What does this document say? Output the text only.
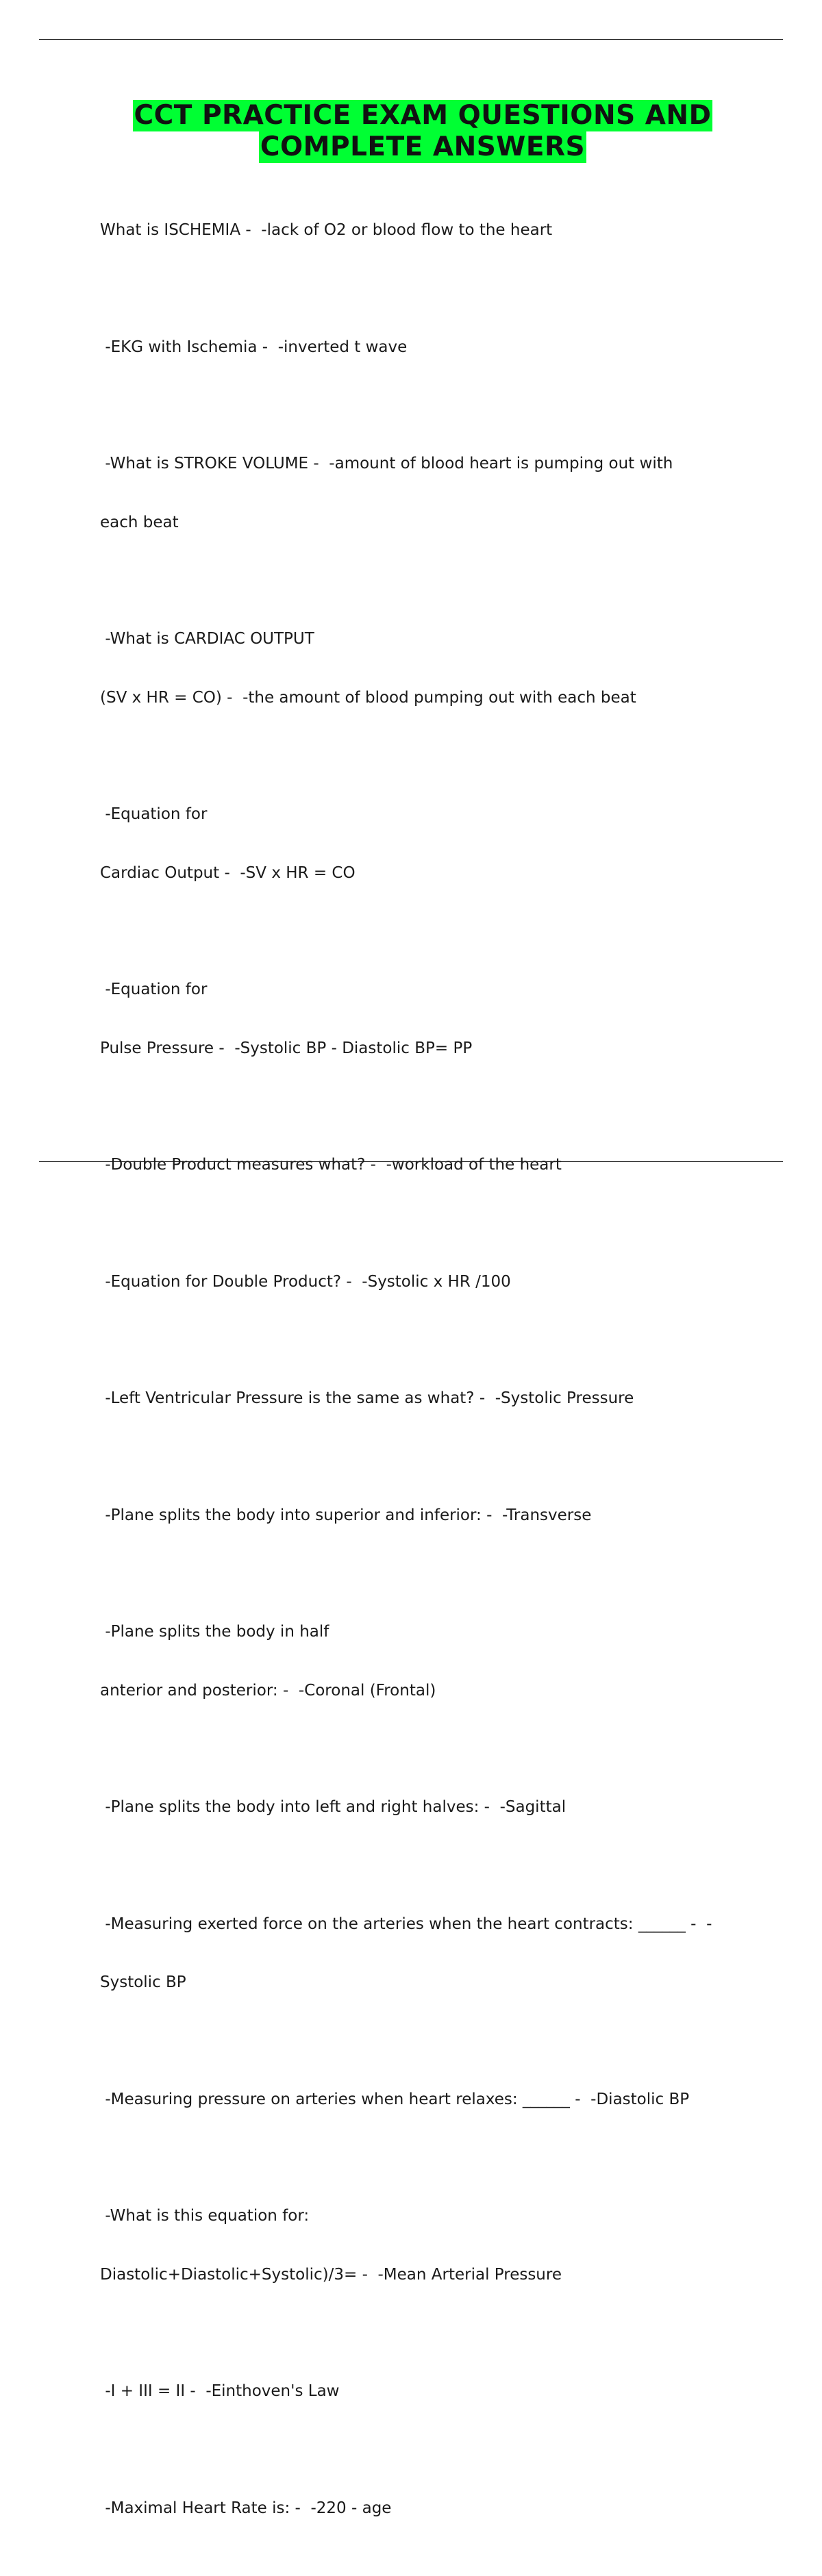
CCT PRACTICE EXAM QUESTIONS AND
COMPLETE ANSWERS

What is ISCHEMIA -  -lack of O2 or blood flow to the heart

-EKG with Ischemia -  -inverted t wave

-What is STROKE VOLUME -  -amount of blood heart is pumping out with

each beat

-What is CARDIAC OUTPUT

(SV x HR = CO) -  -the amount of blood pumping out with each beat

-Equation for

Cardiac Output -  -SV x HR = CO

-Equation for

Pulse Pressure -  -Systolic BP - Diastolic BP= PP

-Double Product measures what? -  -workload of the heart

-Equation for Double Product? -  -Systolic x HR /100

-Left Ventricular Pressure is the same as what? -  -Systolic Pressure

-Plane splits the body into superior and inferior: -  -Transverse

-Plane splits the body in half

anterior and posterior: -  -Coronal (Frontal)

-Plane splits the body into left and right halves: -  -Sagittal

-Measuring exerted force on the arteries when the heart contracts: ______ -  -

Systolic BP

-Measuring pressure on arteries when heart relaxes: ______ -  -Diastolic BP

-What is this equation for:

Diastolic+Diastolic+Systolic)/3= -  -Mean Arterial Pressure

-I + III = II -  -Einthoven's Law

-Maximal Heart Rate is: -  -220 - age
